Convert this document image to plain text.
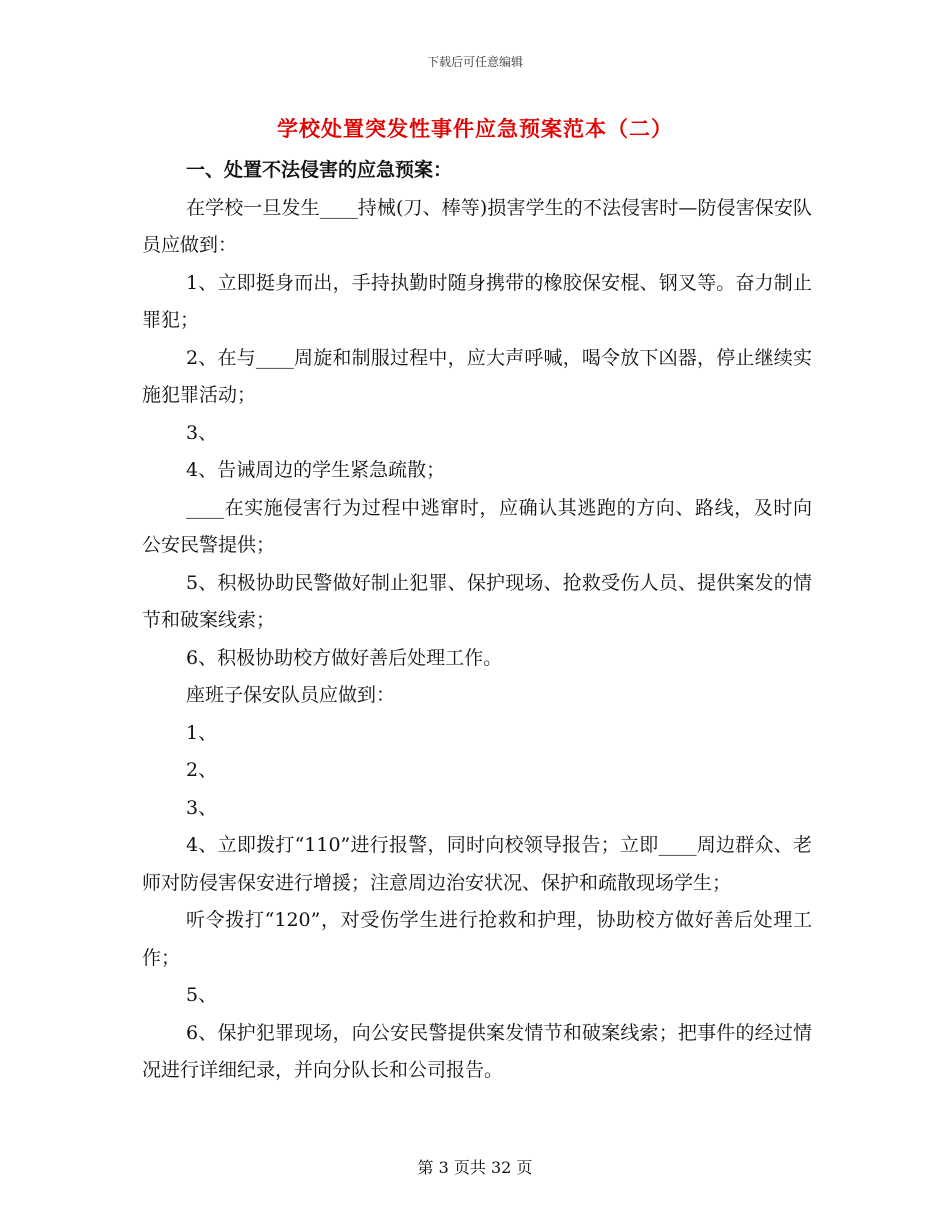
下载后可任意编辑
学校处置突发性事件应急预案范本（二）

一、处置不法侵害的应急预案：

在学校一旦发生____持械(刀、棒等)损害学生的不法侵害时—防侵害保安队员应做到：

1、立即挺身而出，手持执勤时随身携带的橡胶保安棍、钢叉等。奋力制止罪犯；

2、在与____周旋和制服过程中，应大声呼喊，喝令放下凶器，停止继续实施犯罪活动；

3、

4、告诫周边的学生紧急疏散；

____在实施侵害行为过程中逃窜时，应确认其逃跑的方向、路线，及时向公安民警提供；

5、积极协助民警做好制止犯罪、保护现场、抢救受伤人员、提供案发的情节和破案线索；

6、积极协助校方做好善后处理工作。

座班子保安队员应做到：

1、

2、

3、

4、立即拨打“110”进行报警，同时向校领导报告；立即____周边群众、老师对防侵害保安进行增援；注意周边治安状况、保护和疏散现场学生；

听令拨打“120”，对受伤学生进行抢救和护理，协助校方做好善后处理工作；

5、

6、保护犯罪现场，向公安民警提供案发情节和破案线索；把事件的经过情况进行详细纪录，并向分队长和公司报告。

第 3 页共 32 页
